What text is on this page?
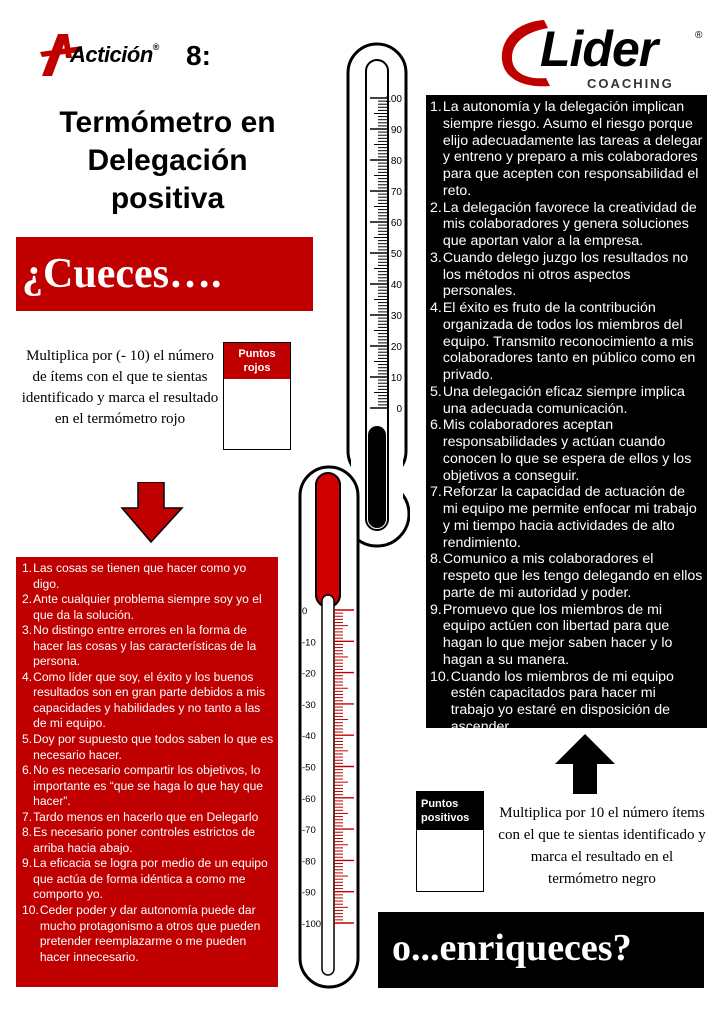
Actición® 8:	Lider
COACHING
®
Termómetro en Delegación positiva
¿Cueces….
Multiplica por (- 10) el número de ítems con el que te sientas identificado y marca el resultado en el termómetro rojo
Puntos rojos
1. Las cosas se tienen que hacer como yo digo.
2. Ante cualquier problema siempre soy yo el que da la solución.
3. No distingo entre errores en la forma de hacer las cosas y las características de la persona.
4. Como líder que soy, el éxito y los buenos resultados son en gran parte debidos a mis capacidades y habilidades y no tanto a las de mi equipo.
5. Doy por supuesto que todos saben lo que es necesario hacer.
6. No es necesario compartir los objetivos, lo importante es “que se haga lo que hay que hacer”.
7. Tardo menos en hacerlo que en Delegarlo
8. Es necesario poner controles estrictos de arriba hacia abajo.
9. La eficacia se logra por medio de un equipo que actúa de forma idéntica a como me comporto yo.
10. Ceder poder y dar autonomía puede dar mucho protagonismo a otros que pueden pretender reemplazarme o me pueden hacer innecesario.
1. La autonomía y la delegación implican siempre riesgo. Asumo el riesgo porque elijo adecuadamente las tareas a delegar y entreno y preparo a mis colaboradores para que acepten con responsabilidad el reto.
2. La delegación favorece la creatividad de mis colaboradores y genera soluciones que aportan valor a la empresa.
3. Cuando delego juzgo los resultados no los métodos ni otros aspectos personales.
4. El éxito es fruto de la contribución organizada de todos los miembros del equipo. Transmito reconocimiento a mis colaboradores tanto en público como en privado.
5. Una delegación eficaz siempre implica una adecuada comunicación.
6. Mis colaboradores aceptan responsabilidades y actúan cuando conocen lo que se espera de ellos y los objetivos a conseguir.
7. Reforzar la capacidad de actuación de mi equipo me permite enfocar mi trabajo y mi tiempo hacia actividades de alto rendimiento.
8. Comunico a mis colaboradores el respeto que les tengo delegando en ellos parte de mi autoridad y poder.
9. Promuevo que los miembros de mi equipo actúen con libertad para que hagan lo que mejor saben hacer y lo hagan a su manera.
10. Cuando los miembros de mi equipo estén capacitados para hacer mi trabajo yo estaré en disposición de ascender.
Puntos positivos	Multiplica por 10 el número ítems con el que te sientas identificado y marca el resultado en el termómetro negro
o...enriqueces?
100
90
80
70
60
50
40
30
20
10
0
0
-10
-20
-30
-40
-50
-60
-70
-80
-90
-100
